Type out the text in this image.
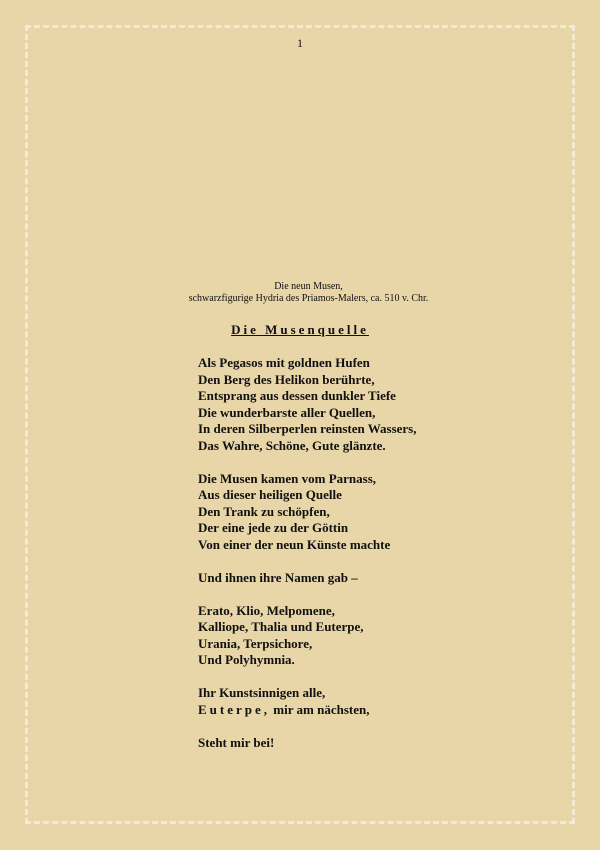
1
Die neun Musen,
schwarzfigurige Hydria des Priamos-Malers, ca. 510 v. Chr.
Die Musenquelle
Als Pegasos mit goldnen Hufen
Den Berg des Helikon berührte,
Entsprang aus dessen dunkler Tiefe
Die wunderbarste aller Quellen,
In deren Silberperlen reinsten Wassers,
Das Wahre, Schöne, Gute glänzte.
Die Musen kamen vom Parnass,
Aus dieser heiligen Quelle
Den Trank zu schöpfen,
Der eine jede zu der Göttin
Von einer der neun Künste machte
Und ihnen ihre Namen gab –
Erato, Klio, Melpomene,
Kalliope, Thalia und Euterpe,
Urania, Terpsichore,
Und Polyhymnia.
Ihr Kunstsinnigen alle,
Euterpe, mir am nächsten,
Steht mir bei!
